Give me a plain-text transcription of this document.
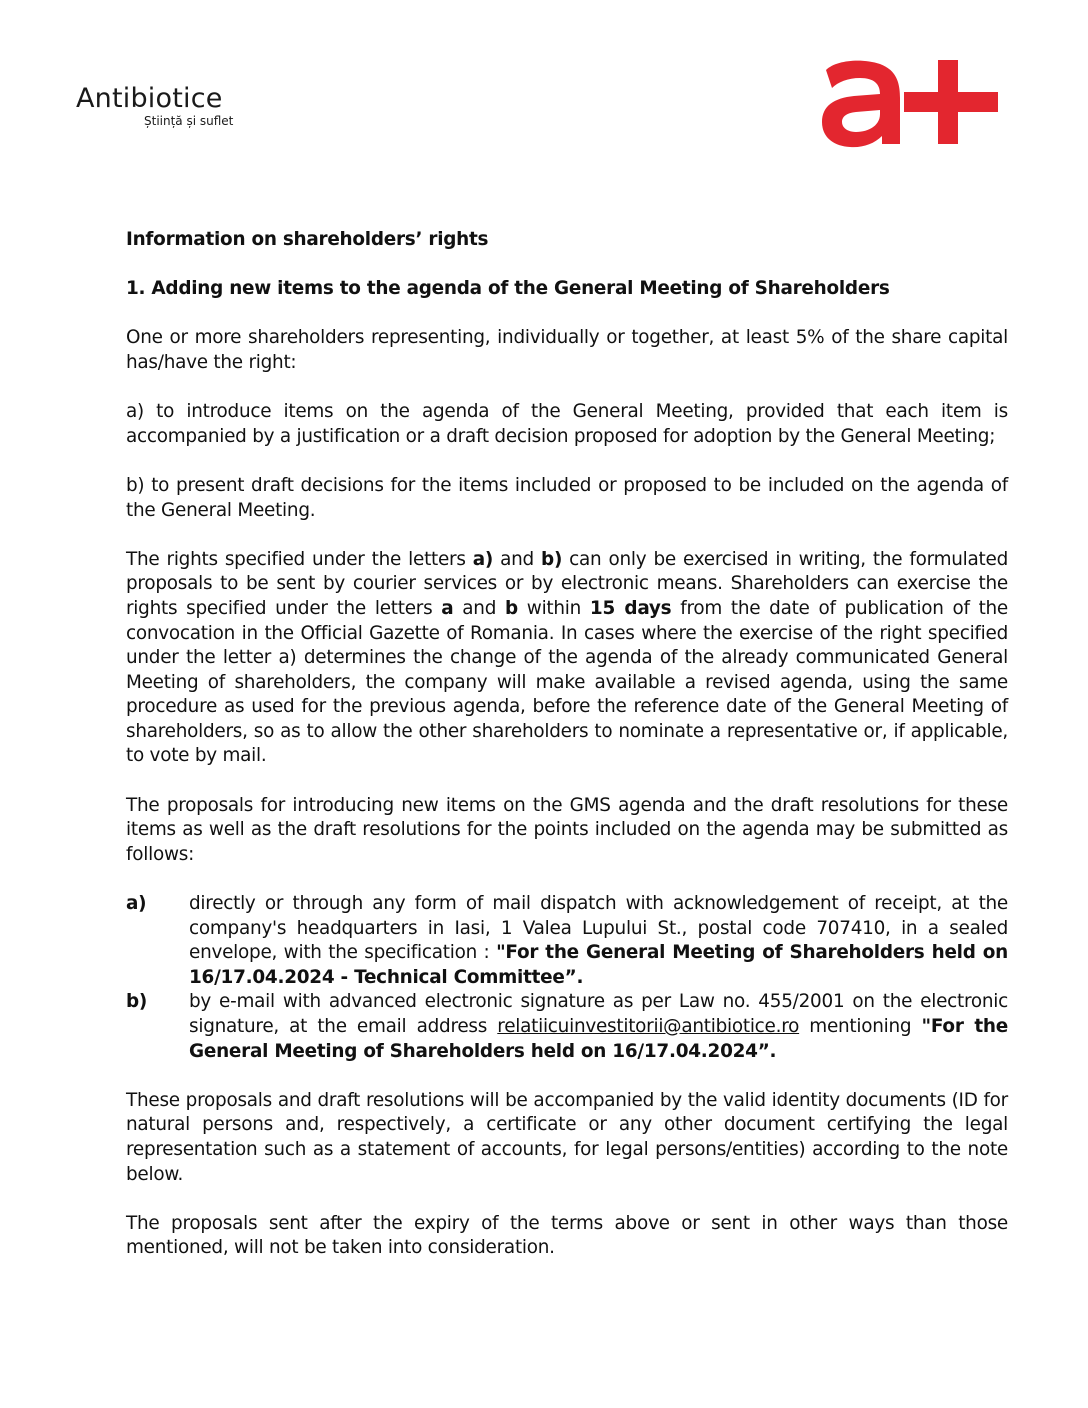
Antibiotice
Știință și suflet
Information on shareholders’ rights
1. Adding new items to the agenda of the General Meeting of Shareholders

One or more shareholders representing, individually or together, at least 5% of the share capital has/have the right:

a) to introduce items on the agenda of the General Meeting, provided that each item is accompanied by a justification or a draft decision proposed for adoption by the General Meeting;

b) to present draft decisions for the items included or proposed to be included on the agenda of the General Meeting.

The rights specified under the letters a) and b) can only be exercised in writing, the formulated proposals to be sent by courier services or by electronic means. Shareholders can exercise the rights specified under the letters a and b within 15 days from the date of publication of the convocation in the Official Gazette of Romania. In cases where the exercise of the right specified under the letter a) determines the change of the agenda of the already communicated General Meeting of shareholders, the company will make available a revised agenda, using the same procedure as used for the previous agenda, before the reference date of the General Meeting of shareholders, so as to allow the other shareholders to nominate a representative or, if applicable, to vote by mail.

The proposals for introducing new items on the GMS agenda and the draft resolutions for these items as well as the draft resolutions for the points included on the agenda may be submitted as follows:

a)	directly or through any form of mail dispatch with acknowledgement of receipt, at the company's headquarters in Iasi, 1 Valea Lupului St., postal code 707410, in a sealed envelope, with the specification : "For the General Meeting of Shareholders held on 16/17.04.2024 - Technical Committee”.
b)	by e-mail with advanced electronic signature as per Law no. 455/2001 on the electronic signature, at the email address relatiicuinvestitorii@antibiotice.ro mentioning "For the General Meeting of Shareholders held on 16/17.04.2024”.

These proposals and draft resolutions will be accompanied by the valid identity documents (ID for natural persons and, respectively, a certificate or any other document certifying the legal representation such as a statement of accounts, for legal persons/entities) according to the note below.

The proposals sent after the expiry of the terms above or sent in other ways than those mentioned, will not be taken into consideration.
